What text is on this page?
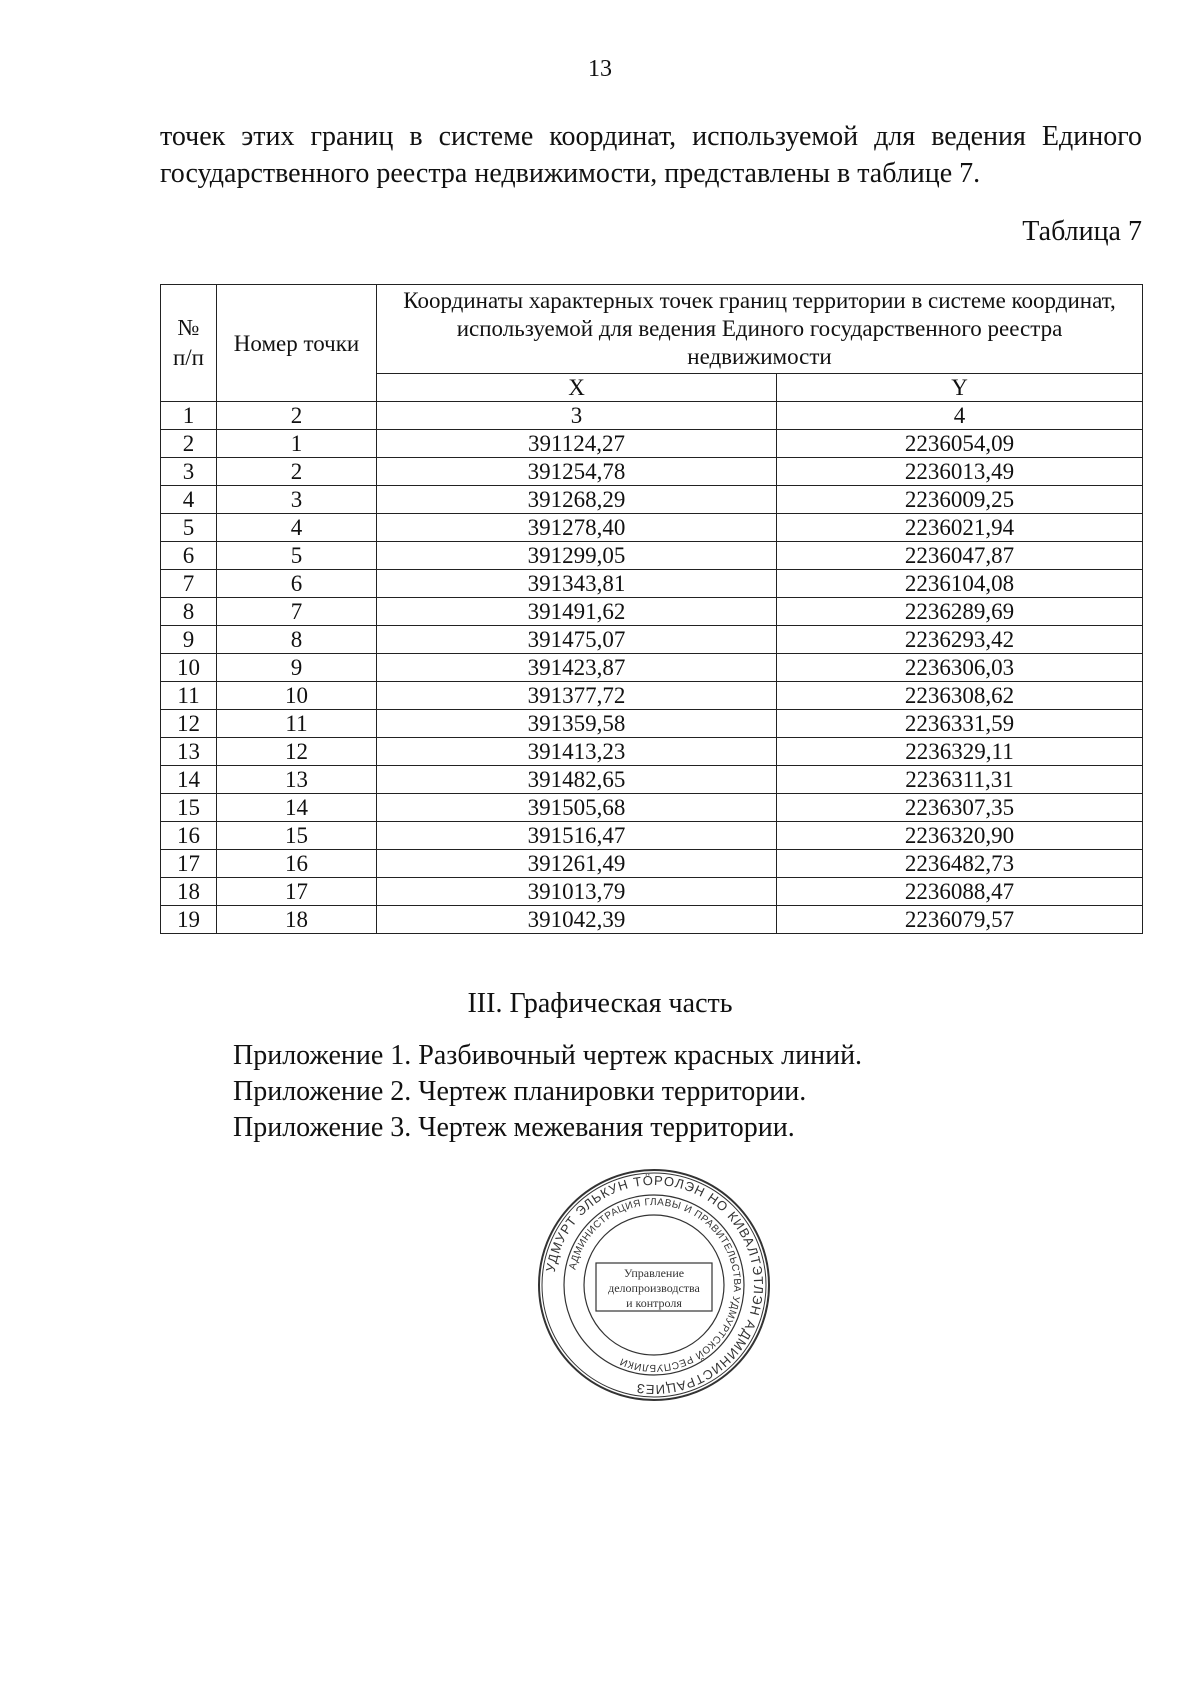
13
точек этих границ в системе координат, используемой для ведения Единого государственного реестра недвижимости, представлены в таблице 7.
Таблица 7
№ п/п	Номер точки	Координаты характерных точек границ территории в системе координат, используемой для ведения Единого государственного реестра недвижимости	
		X	Y
1	2	3	4
2	1	391124,27	2236054,09
3	2	391254,78	2236013,49
4	3	391268,29	2236009,25
5	4	391278,40	2236021,94
6	5	391299,05	2236047,87
7	6	391343,81	2236104,08
8	7	391491,62	2236289,69
9	8	391475,07	2236293,42
10	9	391423,87	2236306,03
11	10	391377,72	2236308,62
12	11	391359,58	2236331,59
13	12	391413,23	2236329,11
14	13	391482,65	2236311,31
15	14	391505,68	2236307,35
16	15	391516,47	2236320,90
17	16	391261,49	2236482,73
18	17	391013,79	2236088,47
19	18	391042,39	2236079,57
III. Графическая часть
Приложение 1. Разбивочный чертеж красных линий.
Приложение 2. Чертеж планировки территории.
Приложение 3. Чертеж межевания территории.
УДМУРТ ЭЛЬКУН ТӦРОЛЭН НО КИВАЛТЭТЛЭН АДМИНИСТРАЦИЕЗ
АДМИНИСТРАЦИЯ ГЛАВЫ И ПРАВИТЕЛЬСТВА УДМУРТСКОЙ РЕСПУБЛИКИ
Управление
делопроизводства
и контроля
